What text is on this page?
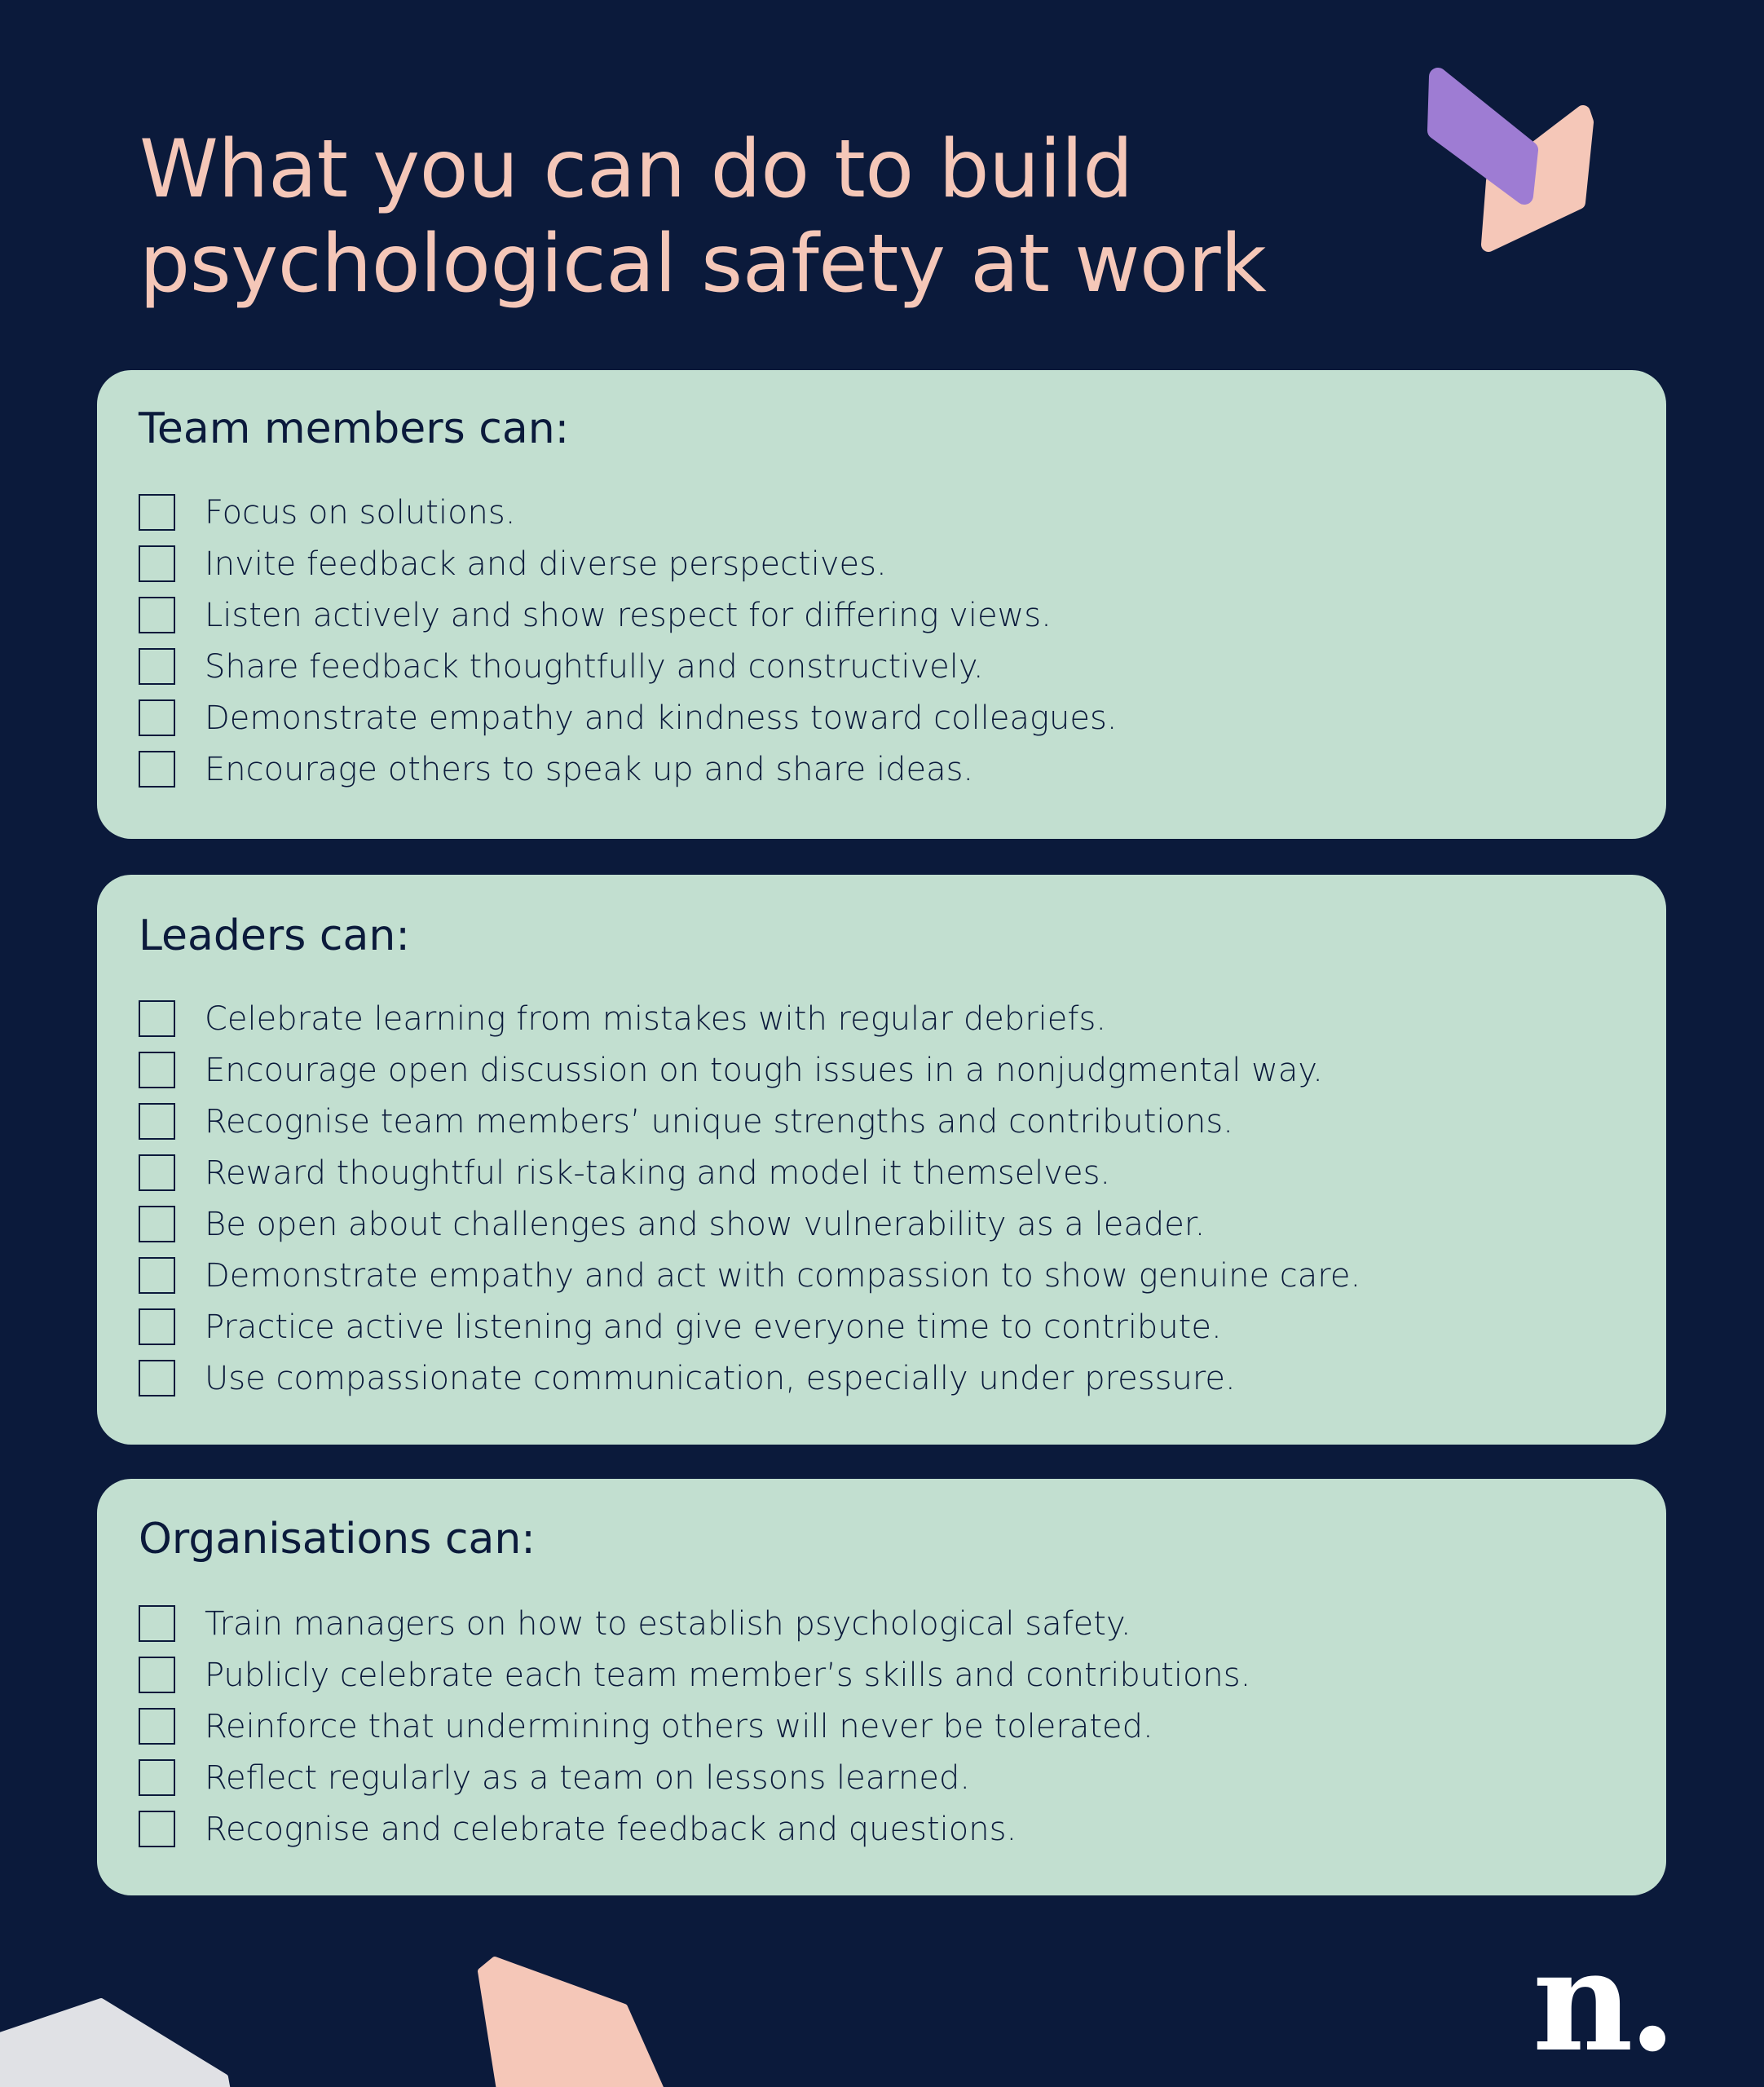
What you can do to build
psychological safety at work
Team members can:
Focus on solutions.
Invite feedback and diverse perspectives.
Listen actively and show respect for differing views.
Share feedback thoughtfully and constructively.
Demonstrate empathy and kindness toward colleagues.
Encourage others to speak up and share ideas.
Leaders can:
Celebrate learning from mistakes with regular debriefs.
Encourage open discussion on tough issues in a nonjudgmental way.
Recognise team members’ unique strengths and contributions.
Reward thoughtful risk-taking and model it themselves.
Be open about challenges and show vulnerability as a leader.
Demonstrate empathy and act with compassion to show genuine care.
Practice active listening and give everyone time to contribute.
Use compassionate communication, especially under pressure.
Organisations can:
Train managers on how to establish psychological safety.
Publicly celebrate each team member’s skills and contributions.
Reinforce that undermining others will never be tolerated.
Reflect regularly as a team on lessons learned.
Recognise and celebrate feedback and questions.
n.
